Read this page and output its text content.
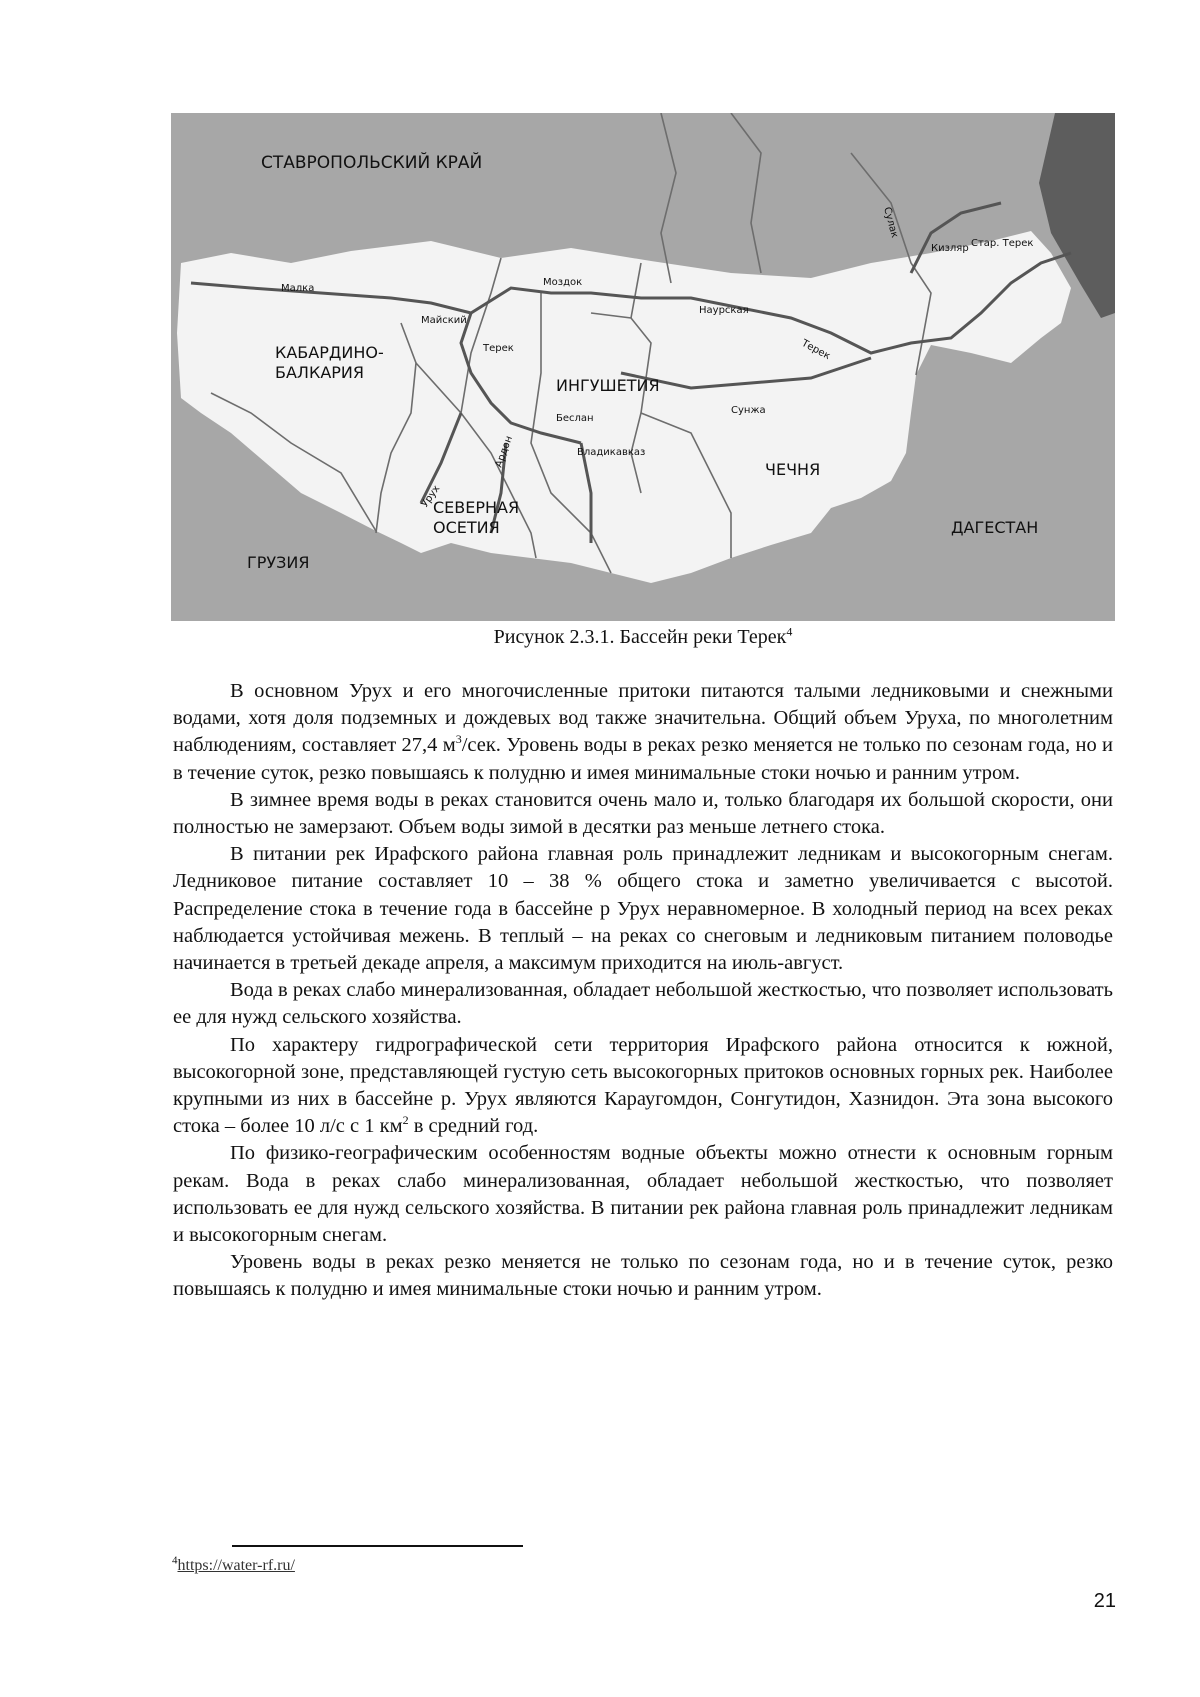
СТАВРОПОЛЬСКИЙ КРАЙ
КАБАРДИНО-
БАЛКАРИЯ
ИНГУШЕТИЯ
ЧЕЧНЯ
СЕВЕРНАЯ
ОСЕТИЯ	ДАГЕСТАН
ГРУЗИЯ
Малка
Моздок
Майский
Наурская
Кизляр Стар. Терек
Сулак
Терек	Терек
Сунжа
Беслан
Владикавказ
Ардон
Урух
Рисунок 2.3.1. Бассейн реки Терек$^4$

В основном Урух и его многочисленные притоки питаются талыми ледниковыми и снежными водами, хотя доля подземных и дождевых вод также значительна. Общий объем Уруха, по многолетним наблюдениям, составляет 27,4 $м^3$/сек. Уровень воды в реках резко меняется не только по сезонам года, но и в течение суток, резко повышаясь к полудню и имея минимальные стоки ночью и ранним утром.

В зимнее время воды в реках становится очень мало и, только благодаря их большой скорости, они полностью не замерзают. Объем воды зимой в десятки раз меньше летнего стока.

В питании рек Ирафского района главная роль принадлежит ледникам и высокогорным снегам. Ледниковое питание составляет 10 – 38 % общего стока и заметно увеличивается с высотой. Распределение стока в течение года в бассейне р Урух неравномерное. В холодный период на всех реках наблюдается устойчивая межень. В теплый – на реках со снеговым и ледниковым питанием половодье начинается в третьей декаде апреля, а максимум приходится на июль-август.

Вода в реках слабо минерализованная, обладает небольшой жесткостью, что позволяет использовать ее для нужд сельского хозяйства.

По характеру гидрографической сети территория Ирафского района относится к южной, высокогорной зоне, представляющей густую сеть высокогорных притоков основных горных рек. Наиболее крупными из них в бассейне р. Урух являются Караугомдон, Сонгутидон, Хазнидон. Эта зона высокого стока – более 10 л/с с 1 $км^2$ в средний год.

По физико-географическим особенностям водные объекты можно отнести к основным горным рекам. Вода в реках слабо минерализованная, обладает небольшой жесткостью, что позволяет использовать ее для нужд сельского хозяйства. В питании рек района главная роль принадлежит ледникам и высокогорным снегам.

Уровень воды в реках резко меняется не только по сезонам года, но и в течение суток, резко повышаясь к полудню и имея минимальные стоки ночью и ранним утром.

$^4$https://water-rf.ru/
21
